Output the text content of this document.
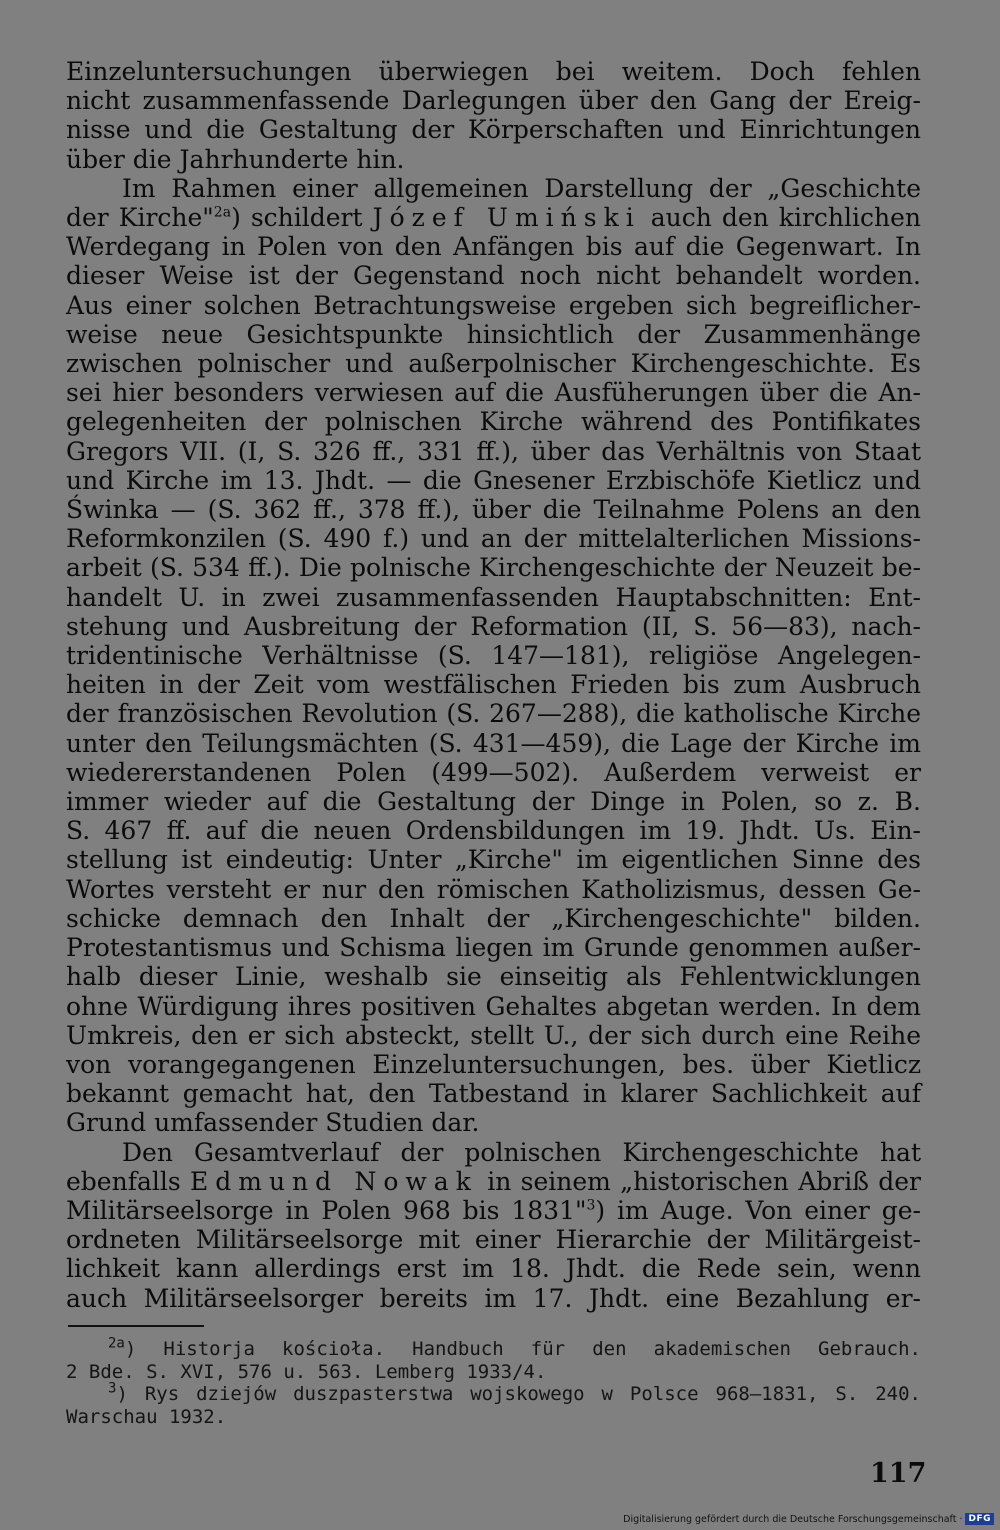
Einzeluntersuchungen überwiegen bei weitem. Doch fehlen
nicht zusammenfassende Darlegungen über den Gang der Ereig-
nisse und die Gestaltung der Körperschaften und Einrichtungen
über die Jahrhunderte hin.

Im Rahmen einer allgemeinen Darstellung der „Geschichte
der Kirche"$^{2a}$) schildert Józef Umiński auch den kirchlichen
Werdegang in Polen von den Anfängen bis auf die Gegenwart. In
dieser Weise ist der Gegenstand noch nicht behandelt worden.
Aus einer solchen Betrachtungsweise ergeben sich begreiflicher-
weise neue Gesichtspunkte hinsichtlich der Zusammenhänge
zwischen polnischer und außerpolnischer Kirchengeschichte. Es
sei hier besonders verwiesen auf die Ausfüherungen über die An-
gelegenheiten der polnischen Kirche während des Pontifikates
Gregors VII. (I, S. 326 ff., 331 ff.), über das Verhältnis von Staat
und Kirche im 13. Jhdt. — die Gnesener Erzbischöfe Kietlicz und
Świnka — (S. 362 ff., 378 ff.), über die Teilnahme Polens an den
Reformkonzilen (S. 490 f.) und an der mittelalterlichen Missions-
arbeit (S. 534 ff.). Die polnische Kirchengeschichte der Neuzeit be-
handelt U. in zwei zusammenfassenden Hauptabschnitten: Ent-
stehung und Ausbreitung der Reformation (II, S. 56—83), nach-
tridentinische Verhältnisse (S. 147—181), religiöse Angelegen-
heiten in der Zeit vom westfälischen Frieden bis zum Ausbruch
der französischen Revolution (S. 267—288), die katholische Kirche
unter den Teilungsmächten (S. 431—459), die Lage der Kirche im
wiedererstandenen Polen (499—502). Außerdem verweist er
immer wieder auf die Gestaltung der Dinge in Polen, so z. B.
S. 467 ff. auf die neuen Ordensbildungen im 19. Jhdt. Us. Ein-
stellung ist eindeutig: Unter „Kirche" im eigentlichen Sinne des
Wortes versteht er nur den römischen Katholizismus, dessen Ge-
schicke demnach den Inhalt der „Kirchengeschichte" bilden.
Protestantismus und Schisma liegen im Grunde genommen außer-
halb dieser Linie, weshalb sie einseitig als Fehlentwicklungen
ohne Würdigung ihres positiven Gehaltes abgetan werden. In dem
Umkreis, den er sich absteckt, stellt U., der sich durch eine Reihe
von vorangegangenen Einzeluntersuchungen, bes. über Kietlicz
bekannt gemacht hat, den Tatbestand in klarer Sachlichkeit auf
Grund umfassender Studien dar.

Den Gesamtverlauf der polnischen Kirchengeschichte hat
ebenfalls Edmund Nowak in seinem „historischen Abriß der
Militärseelsorge in Polen 968 bis 1831"$^3$) im Auge. Von einer ge-
ordneten Militärseelsorge mit einer Hierarchie der Militärgeist-
lichkeit kann allerdings erst im 18. Jhdt. die Rede sein, wenn
auch Militärseelsorger bereits im 17. Jhdt. eine Bezahlung er-

$^{2a}$) Historja kościoła. Handbuch für den akademischen Gebrauch.
2 Bde. S. XVI, 576 u. 563. Lemberg 1933/4.
$^3$) Rys dziejów duszpasterstwa wojskowego w Polsce 968—1831, S. 240.
Warschau 1932.
117
Digitalisierung gefördert durch die Deutsche Forschungsgemeinschaft · DFG
